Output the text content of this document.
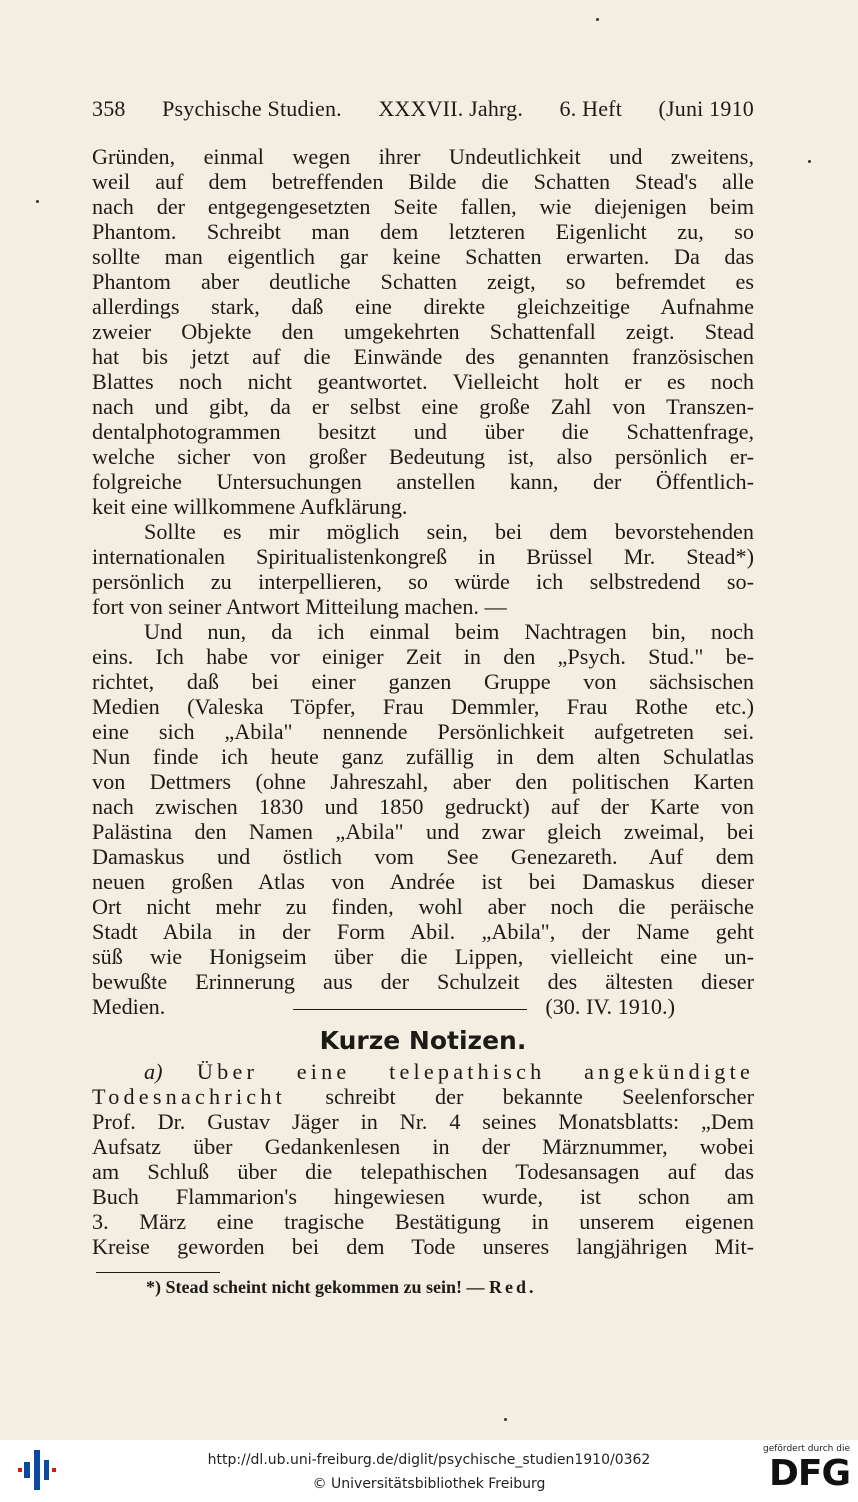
358 Psychische Studien. XXXVII. Jahrg. 6. Heft (Juni 1910
Gründen, einmal wegen ihrer Undeutlichkeit und zweitens,
weil auf dem betreffenden Bilde die Schatten Stead's alle
nach der entgegengesetzten Seite fallen, wie diejenigen beim
Phantom. Schreibt man dem letzteren Eigenlicht zu, so
sollte man eigentlich gar keine Schatten erwarten. Da das
Phantom aber deutliche Schatten zeigt, so befremdet es
allerdings stark, daß eine direkte gleichzeitige Aufnahme
zweier Objekte den umgekehrten Schattenfall zeigt. Stead
hat bis jetzt auf die Einwände des genannten französischen
Blattes noch nicht geantwortet. Vielleicht holt er es noch
nach und gibt, da er selbst eine große Zahl von Transzen-
dentalphotogrammen besitzt und über die Schattenfrage,
welche sicher von großer Bedeutung ist, also persönlich er-
folgreiche Untersuchungen anstellen kann, der Öffentlich-
keit eine willkommene Aufklärung.
Sollte es mir möglich sein, bei dem bevorstehenden
internationalen Spiritualistenkongreß in Brüssel Mr. Stead*)
persönlich zu interpellieren, so würde ich selbstredend so-
fort von seiner Antwort Mitteilung machen. —
Und nun, da ich einmal beim Nachtragen bin, noch
eins. Ich habe vor einiger Zeit in den „Psych. Stud." be-
richtet, daß bei einer ganzen Gruppe von sächsischen
Medien (Valeska Töpfer, Frau Demmler, Frau Rothe etc.)
eine sich „Abila" nennende Persönlichkeit aufgetreten sei.
Nun finde ich heute ganz zufällig in dem alten Schulatlas
von Dettmers (ohne Jahreszahl, aber den politischen Karten
nach zwischen 1830 und 1850 gedruckt) auf der Karte von
Palästina den Namen „Abila" und zwar gleich zweimal, bei
Damaskus und östlich vom See Genezareth. Auf dem
neuen großen Atlas von Andrée ist bei Damaskus dieser
Ort nicht mehr zu finden, wohl aber noch die peräische
Stadt Abila in der Form Abil. „Abila", der Name geht
süß wie Honigseim über die Lippen, vielleicht eine un-
bewußte Erinnerung aus der Schulzeit des ältesten dieser
Medien.	(30. IV. 1910.)
Kurze Notizen.
a) Über eine telepathisch angekündigte
Todesnachricht schreibt der bekannte Seelenforscher
Prof. Dr. Gustav Jäger in Nr. 4 seines Monatsblatts: „Dem
Aufsatz über Gedankenlesen in der Märznummer, wobei
am Schluß über die telepathischen Todesansagen auf das
Buch Flammarion's hingewiesen wurde, ist schon am
3. März eine tragische Bestätigung in unserem eigenen
Kreise geworden bei dem Tode unseres langjährigen Mit-
*) Stead scheint nicht gekommen zu sein! — Red.
http://dl.ub.uni-freiburg.de/diglit/psychische_studien1910/0362
© Universitätsbibliothek Freiburg
gefördert durch die
DFG
